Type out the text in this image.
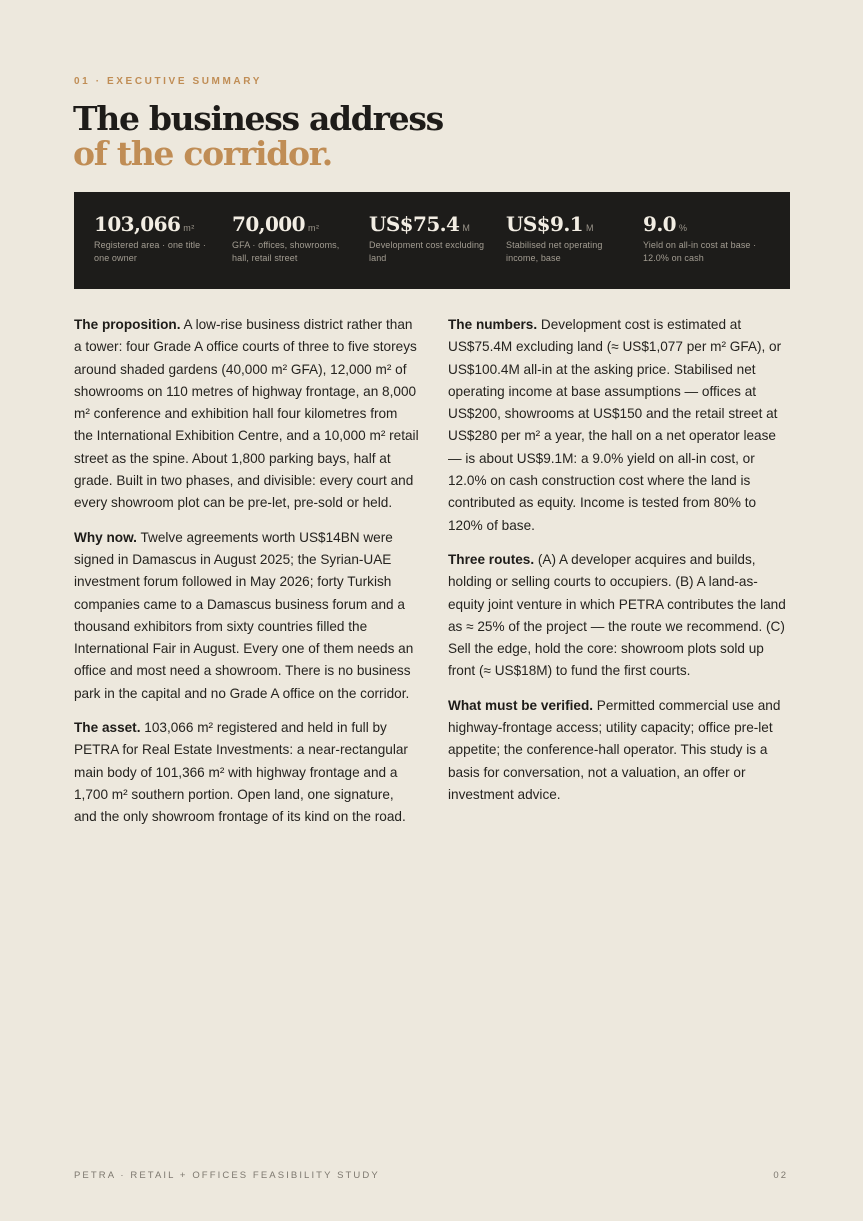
01 · EXECUTIVE SUMMARY
The business address
of the corridor.
103,066 m²
Registered area · one title · one owner
70,000 m²
GFA · offices, showrooms, hall, retail street
US$75.4 M
Development cost excluding land
US$9.1 M
Stabilised net operating income, base
9.0 %
Yield on all-in cost at base · 12.0% on cash

The proposition. A low-rise business district rather than a tower: four Grade A office courts of three to five storeys around shaded gardens (40,000 m² GFA), 12,000 m² of showrooms on 110 metres of highway frontage, an 8,000 m² conference and exhibition hall four kilometres from the International Exhibition Centre, and a 10,000 m² retail street as the spine. About 1,800 parking bays, half at grade. Built in two phases, and divisible: every court and every showroom plot can be pre-let, pre-sold or held.

Why now. Twelve agreements worth US$14BN were signed in Damascus in August 2025; the Syrian-UAE investment forum followed in May 2026; forty Turkish companies came to a Damascus business forum and a thousand exhibitors from sixty countries filled the International Fair in August. Every one of them needs an office and most need a showroom. There is no business park in the capital and no Grade A office on the corridor.

The asset. 103,066 m² registered and held in full by PETRA for Real Estate Investments: a near-rectangular main body of 101,366 m² with highway frontage and a 1,700 m² southern portion. Open land, one signature, and the only showroom frontage of its kind on the road.

The numbers. Development cost is estimated at US$75.4M excluding land (≈ US$1,077 per m² GFA), or US$100.4M all-in at the asking price. Stabilised net operating income at base assumptions — offices at US$200, showrooms at US$150 and the retail street at US$280 per m² a year, the hall on a net operator lease — is about US$9.1M: a 9.0% yield on all-in cost, or 12.0% on cash construction cost where the land is contributed as equity. Income is tested from 80% to 120% of base.

Three routes. (A) A developer acquires and builds, holding or selling courts to occupiers. (B) A land-as-equity joint venture in which PETRA contributes the land as ≈ 25% of the project — the route we recommend. (C) Sell the edge, hold the core: showroom plots sold up front (≈ US$18M) to fund the first courts.

What must be verified. Permitted commercial use and highway-frontage access; utility capacity; office pre-let appetite; the conference-hall operator. This study is a basis for conversation, not a valuation, an offer or investment advice.

PETRA · RETAIL + OFFICES FEASIBILITY STUDY	02
